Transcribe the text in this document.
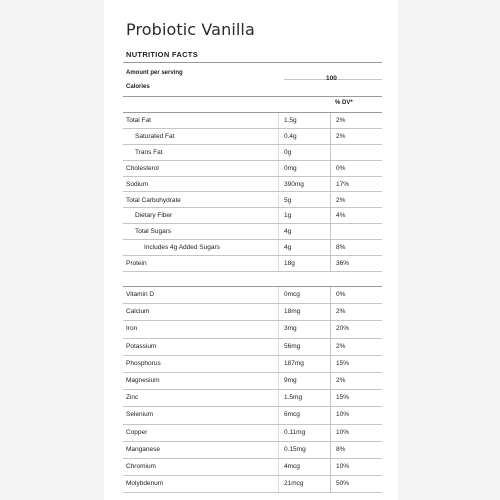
Probiotic Vanilla
NUTRITION FACTS
Amount per serving
100
Calories
% DV*
Total Fat	1.5g	2%
Saturated Fat	0.4g	2%
Trans Fat	0g
Cholesterol	0mg	0%
Sodium	390mg	17%
Total Carbohydrate	5g	2%
Dietary Fiber	1g	4%
Total Sugars	4g
Includes 4g Added Sugars	4g	8%
Protein	18g	36%
Vitamin D	0mcg	0%
Calcium	18mg	2%
Iron	3mg	20%
Potassium	56mg	2%
Phosphorus	187mg	15%
Magnesium	9mg	2%
Zinc	1.5mg	15%
Selenium	6mcg	10%
Copper	0.11mg	10%
Manganese	0.15mg	8%
Chromium	4mcg	10%
Molybdenum	21mcg	50%
